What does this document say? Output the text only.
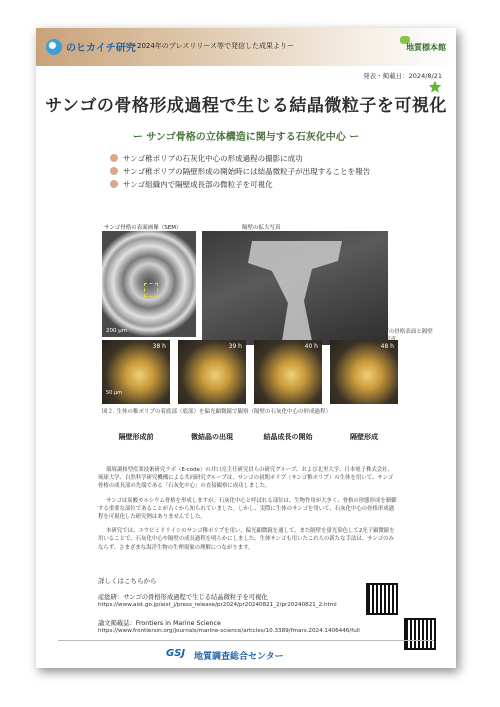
のヒカイチ研究
ー2024年のプレスリリース等で発信した成果よりー	地質標本館
発表・掲載日：2024/8/21
サンゴの骨格形成過程で生じる結晶微粒子を可視化
ー サンゴ骨格の立体構造に関与する石灰化中心 ー
サンゴ稚ポリプの石灰化中心の形成過程の撮影に成功
サンゴ稚ポリプの隔壁形成の開始時には結晶微粒子が出現することを報告
サンゴ組織内で隔壁成長部の微粒子を可視化
サンゴ骨格の表面画像（SEM）	隔壁の拡大写真
200 μm	図１. サンゴ稚ポリプの骨格表面と隔壁
38 h
50 μm
39 h	40 h	48 h
図２. 生体の稚ポリプの着底部（底部）を偏光顕微鏡で観察（隔壁の石灰化中心の形成過程）
隔壁形成前	微結晶の出現	結晶成長の開始	隔壁形成

環境調和型産業技術研究ラボ（E-code）の井口亮主任研究員らの研究グループ、および北里大学、日本電子株式会社、琉球大学、自然科学研究機構による共同研究グループは、サンゴの初期ポリプ（サンゴ稚ポリプ）の生体を用いて、サンゴ骨格の成長部の先端である「石灰化中心」の直接観察に成功しました。

サンゴは炭酸カルシウム骨格を形成しますが、石灰化中心と呼ばれる部位は、生物作用が大きく、骨格の形態形成を制御する重要な部位であることが古くから知られていました。しかし、実際に生体のサンゴを用いて、石灰化中心の骨格形成過程を可視化した研究例はありませんでした。

本研究では、ユウビミドリイシのサンゴ稚ポリプを用い、偏光顕微鏡を通して、また隔壁を蛍光染色して2光子顕微鏡を用いることで、石灰化中心や隔壁の成長過程を明らかにしました。生体サンゴも用いたこれらの新たな手法は、サンゴのみならず、さまざまな海洋生物の生理現象の理解につながります。

詳しくはこちらから
産総研：サンゴの骨格形成過程で生じる結晶微粒子を可視化
https://www.aist.go.jp/aist_j/press_release/pr2024/pr20240821_2/pr20240821_2.html
論文掲載誌：Frontiers in Marine Science
https://www.frontiersin.org/journals/marine-science/articles/10.3389/fmars.2024.1406446/full
GSJ 地質調査総合センター
